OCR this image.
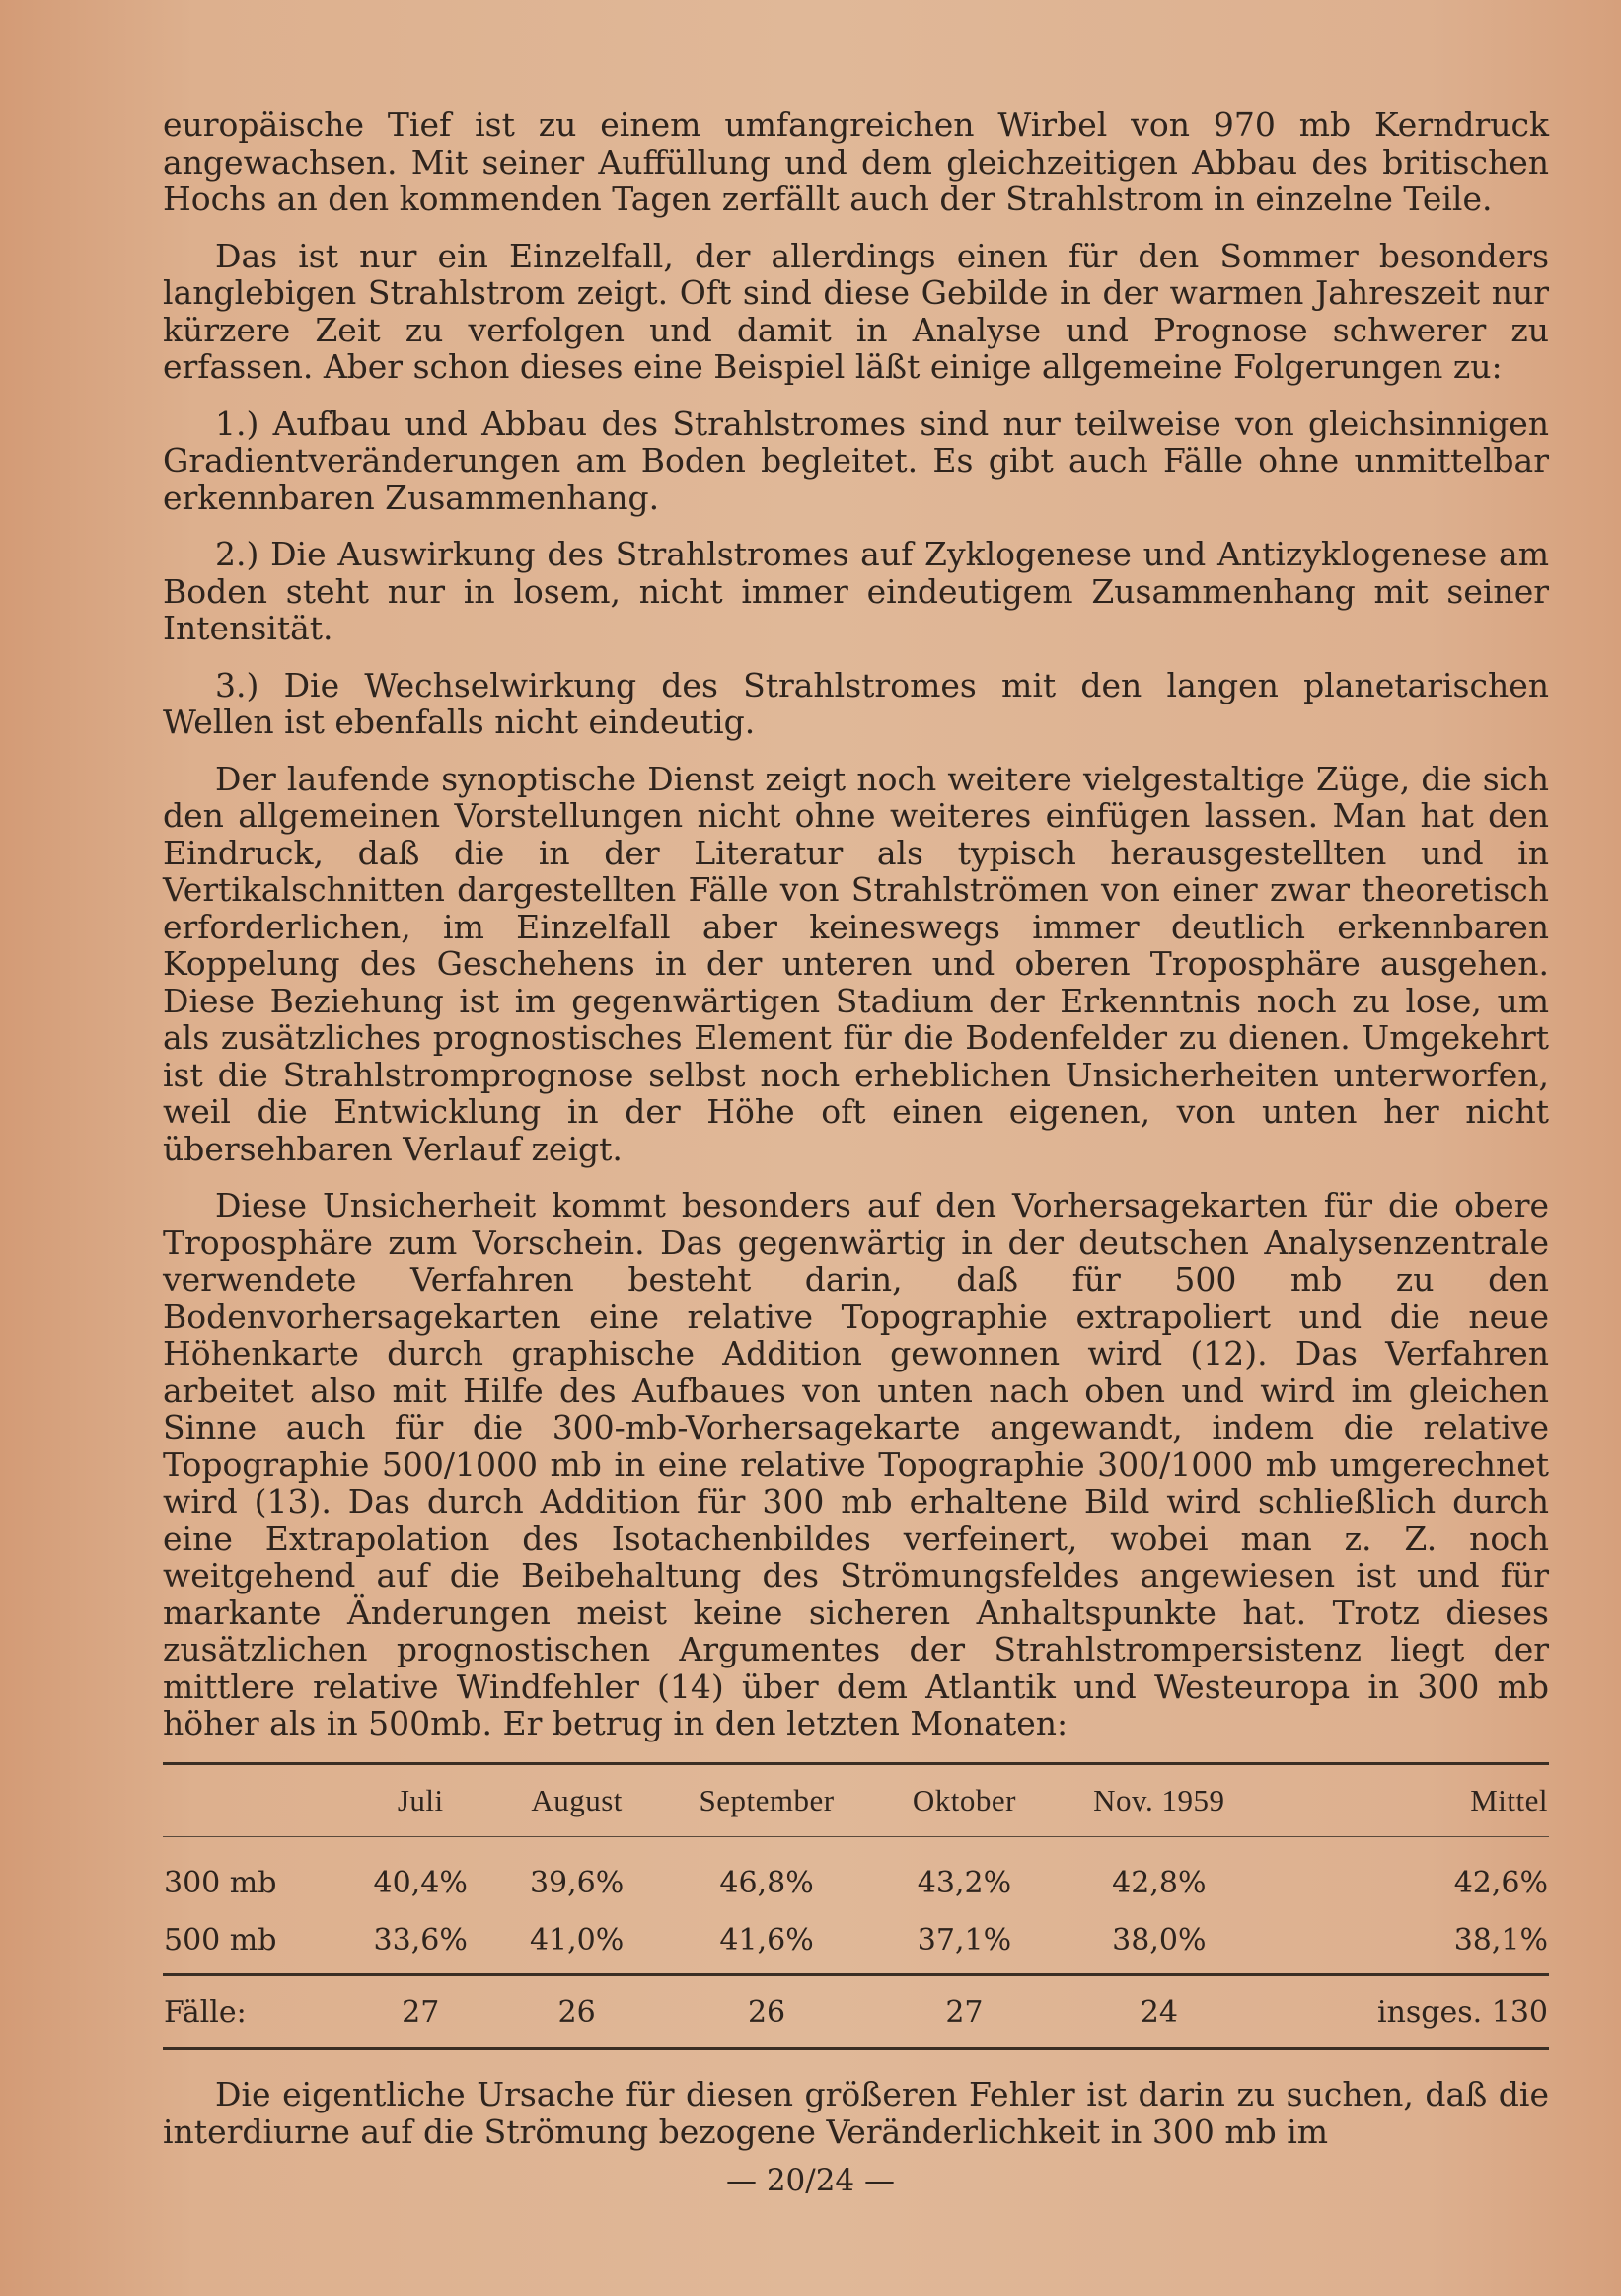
europäische Tief ist zu einem umfangreichen Wirbel von 970 mb Kerndruck angewachsen. Mit seiner Auffüllung und dem gleichzeitigen Abbau des britischen Hochs an den kommenden Tagen zerfällt auch der Strahlstrom in einzelne Teile.

Das ist nur ein Einzelfall, der allerdings einen für den Sommer besonders langlebigen Strahlstrom zeigt. Oft sind diese Gebilde in der warmen Jahreszeit nur kürzere Zeit zu verfolgen und damit in Analyse und Prognose schwerer zu erfassen. Aber schon dieses eine Beispiel läßt einige allgemeine Folgerungen zu:

1.) Aufbau und Abbau des Strahlstromes sind nur teilweise von gleichsinnigen Gradientveränderungen am Boden begleitet. Es gibt auch Fälle ohne unmittelbar erkennbaren Zusammenhang.

2.) Die Auswirkung des Strahlstromes auf Zyklogenese und Antizyklogenese am Boden steht nur in losem, nicht immer eindeutigem Zusammenhang mit seiner Intensität.

3.) Die Wechselwirkung des Strahlstromes mit den langen planetarischen Wellen ist ebenfalls nicht eindeutig.

Der laufende synoptische Dienst zeigt noch weitere vielgestaltige Züge, die sich den allgemeinen Vorstellungen nicht ohne weiteres einfügen lassen. Man hat den Eindruck, daß die in der Literatur als typisch herausgestellten und in Vertikalschnitten dargestellten Fälle von Strahlströmen von einer zwar theoretisch erforderlichen, im Einzelfall aber keineswegs immer deutlich erkennbaren Koppelung des Geschehens in der unteren und oberen Troposphäre ausgehen. Diese Beziehung ist im gegenwärtigen Stadium der Erkenntnis noch zu lose, um als zusätzliches prognostisches Element für die Bodenfelder zu dienen. Umgekehrt ist die Strahlstromprognose selbst noch erheblichen Unsicherheiten unterworfen, weil die Entwicklung in der Höhe oft einen eigenen, von unten her nicht übersehbaren Verlauf zeigt.

Diese Unsicherheit kommt besonders auf den Vorhersagekarten für die obere Troposphäre zum Vorschein. Das gegenwärtig in der deutschen Analysenzentrale verwendete Verfahren besteht darin, daß für 500 mb zu den Bodenvorhersagekarten eine relative Topographie extrapoliert und die neue Höhenkarte durch graphische Addition gewonnen wird (12). Das Verfahren arbeitet also mit Hilfe des Aufbaues von unten nach oben und wird im gleichen Sinne auch für die 300-mb-Vorhersagekarte angewandt, indem die relative Topographie 500/1000 mb in eine relative Topographie 300/1000 mb umgerechnet wird (13). Das durch Addition für 300 mb erhaltene Bild wird schließlich durch eine Extrapolation des Isotachenbildes verfeinert, wobei man z. Z. noch weitgehend auf die Beibehaltung des Strömungsfeldes angewiesen ist und für markante Änderungen meist keine sicheren Anhaltspunkte hat. Trotz dieses zusätzlichen prognostischen Argumentes der Strahlstrompersistenz liegt der mittlere relative Windfehler (14) über dem Atlantik und Westeuropa in 300 mb höher als in 500mb. Er betrug in den letzten Monaten:

	Juli	August	September	Oktober	Nov. 1959	Mittel
300 mb	40,4%	39,6%	46,8%	43,2%	42,8%	42,6%
500 mb	33,6%	41,0%	41,6%	37,1%	38,0%	38,1%
Fälle:	27	26	26	27	24	insges. 130

Die eigentliche Ursache für diesen größeren Fehler ist darin zu suchen, daß die interdiurne auf die Strömung bezogene Veränderlichkeit in 300 mb im

— 20/24 —
